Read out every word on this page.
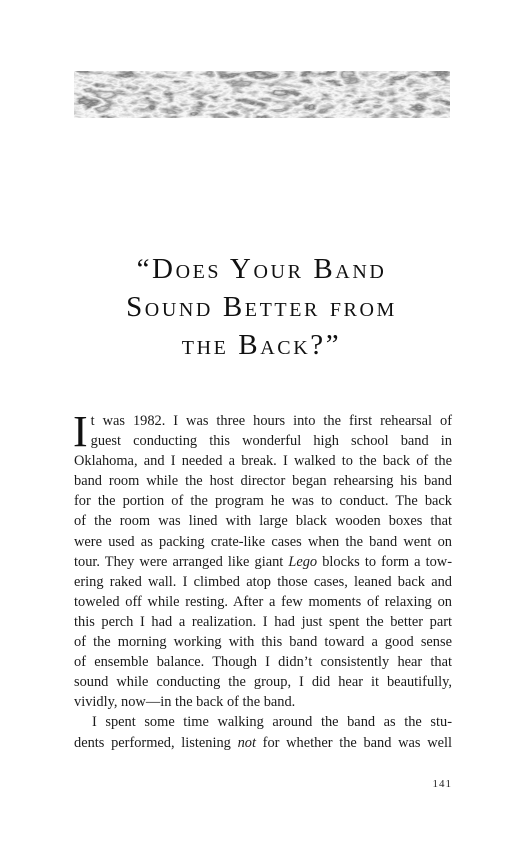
“Does Your Band
Sound Better from
the Back?”
I t was 1982. I was three hours into the first rehearsal of
guest conducting this wonderful high school band in
Oklahoma, and I needed a break. I walked to the back of the
band room while the host director began rehearsing his band
for the portion of the program he was to conduct. The back
of the room was lined with large black wooden boxes that
were used as packing crate-like cases when the band went on
tour. They were arranged like giant Lego blocks to form a tow-
ering raked wall. I climbed atop those cases, leaned back and
toweled off while resting. After a few moments of relaxing on
this perch I had a realization. I had just spent the better part
of the morning working with this band toward a good sense
of ensemble balance. Though I didn’t consistently hear that
sound while conducting the group, I did hear it beautifully,
vividly, now—in the back of the band.
I spent some time walking around the band as the stu-
dents performed, listening not for whether the band was well
141
